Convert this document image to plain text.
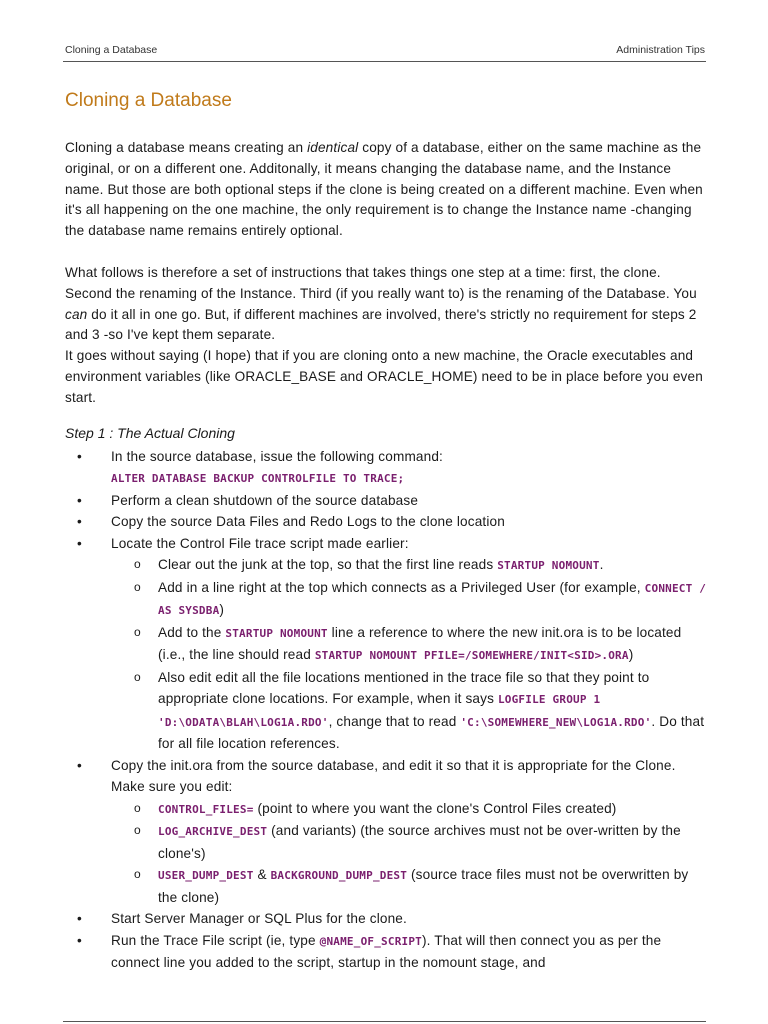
Cloning a Database	Administration Tips
Cloning a Database

Cloning a database means creating an identical copy of a database, either on the same machine as the original, or on a different one. Additonally, it means changing the database name, and the Instance name. But those are both optional steps if the clone is being created on a different machine. Even when it's all happening on the one machine, the only requirement is to change the Instance name -changing the database name remains entirely optional.

What follows is therefore a set of instructions that takes things one step at a time: first, the clone. Second the renaming of the Instance. Third (if you really want to) is the renaming of the Database. You can do it all in one go. But, if different machines are involved, there's strictly no requirement for steps 2 and 3 -so I've kept them separate.
It goes without saying (I hope) that if you are cloning onto a new machine, the Oracle executables and environment variables (like ORACLE_BASE and ORACLE_HOME) need to be in place before you even start.

Step 1 : The Actual Cloning
• In the source database, issue the following command:
ALTER DATABASE BACKUP CONTROLFILE TO TRACE;
• Perform a clean shutdown of the source database
• Copy the source Data Files and Redo Logs to the clone location
• Locate the Control File trace script made earlier:
o Clear out the junk at the top, so that the first line reads STARTUP NOMOUNT.
o Add in a line right at the top which connects as a Privileged User (for example, CONNECT / AS SYSDBA)
o Add to the STARTUP NOMOUNT line a reference to where the new init.ora is to be located (i.e., the line should read STARTUP NOMOUNT PFILE=/SOMEWHERE/INIT<SID>.ORA)
o Also edit edit all the file locations mentioned in the trace file so that they point to appropriate clone locations. For example, when it says LOGFILE GROUP 1 'D:\ODATA\BLAH\LOG1A.RDO', change that to read 'C:\SOMEWHERE_NEW\LOG1A.RDO'. Do that for all file location references.
• Copy the init.ora from the source database, and edit it so that it is appropriate for the Clone. Make sure you edit:
o CONTROL_FILES= (point to where you want the clone's Control Files created)
o LOG_ARCHIVE_DEST (and variants) (the source archives must not be over-written by the clone's)
o USER_DUMP_DEST & BACKGROUND_DUMP_DEST (source trace files must not be overwritten by the clone)
• Start Server Manager or SQL Plus for the clone.
• Run the Trace File script (ie, type @NAME_OF_SCRIPT). That will then connect you as per the connect line you added to the script, startup in the nomount stage, and
